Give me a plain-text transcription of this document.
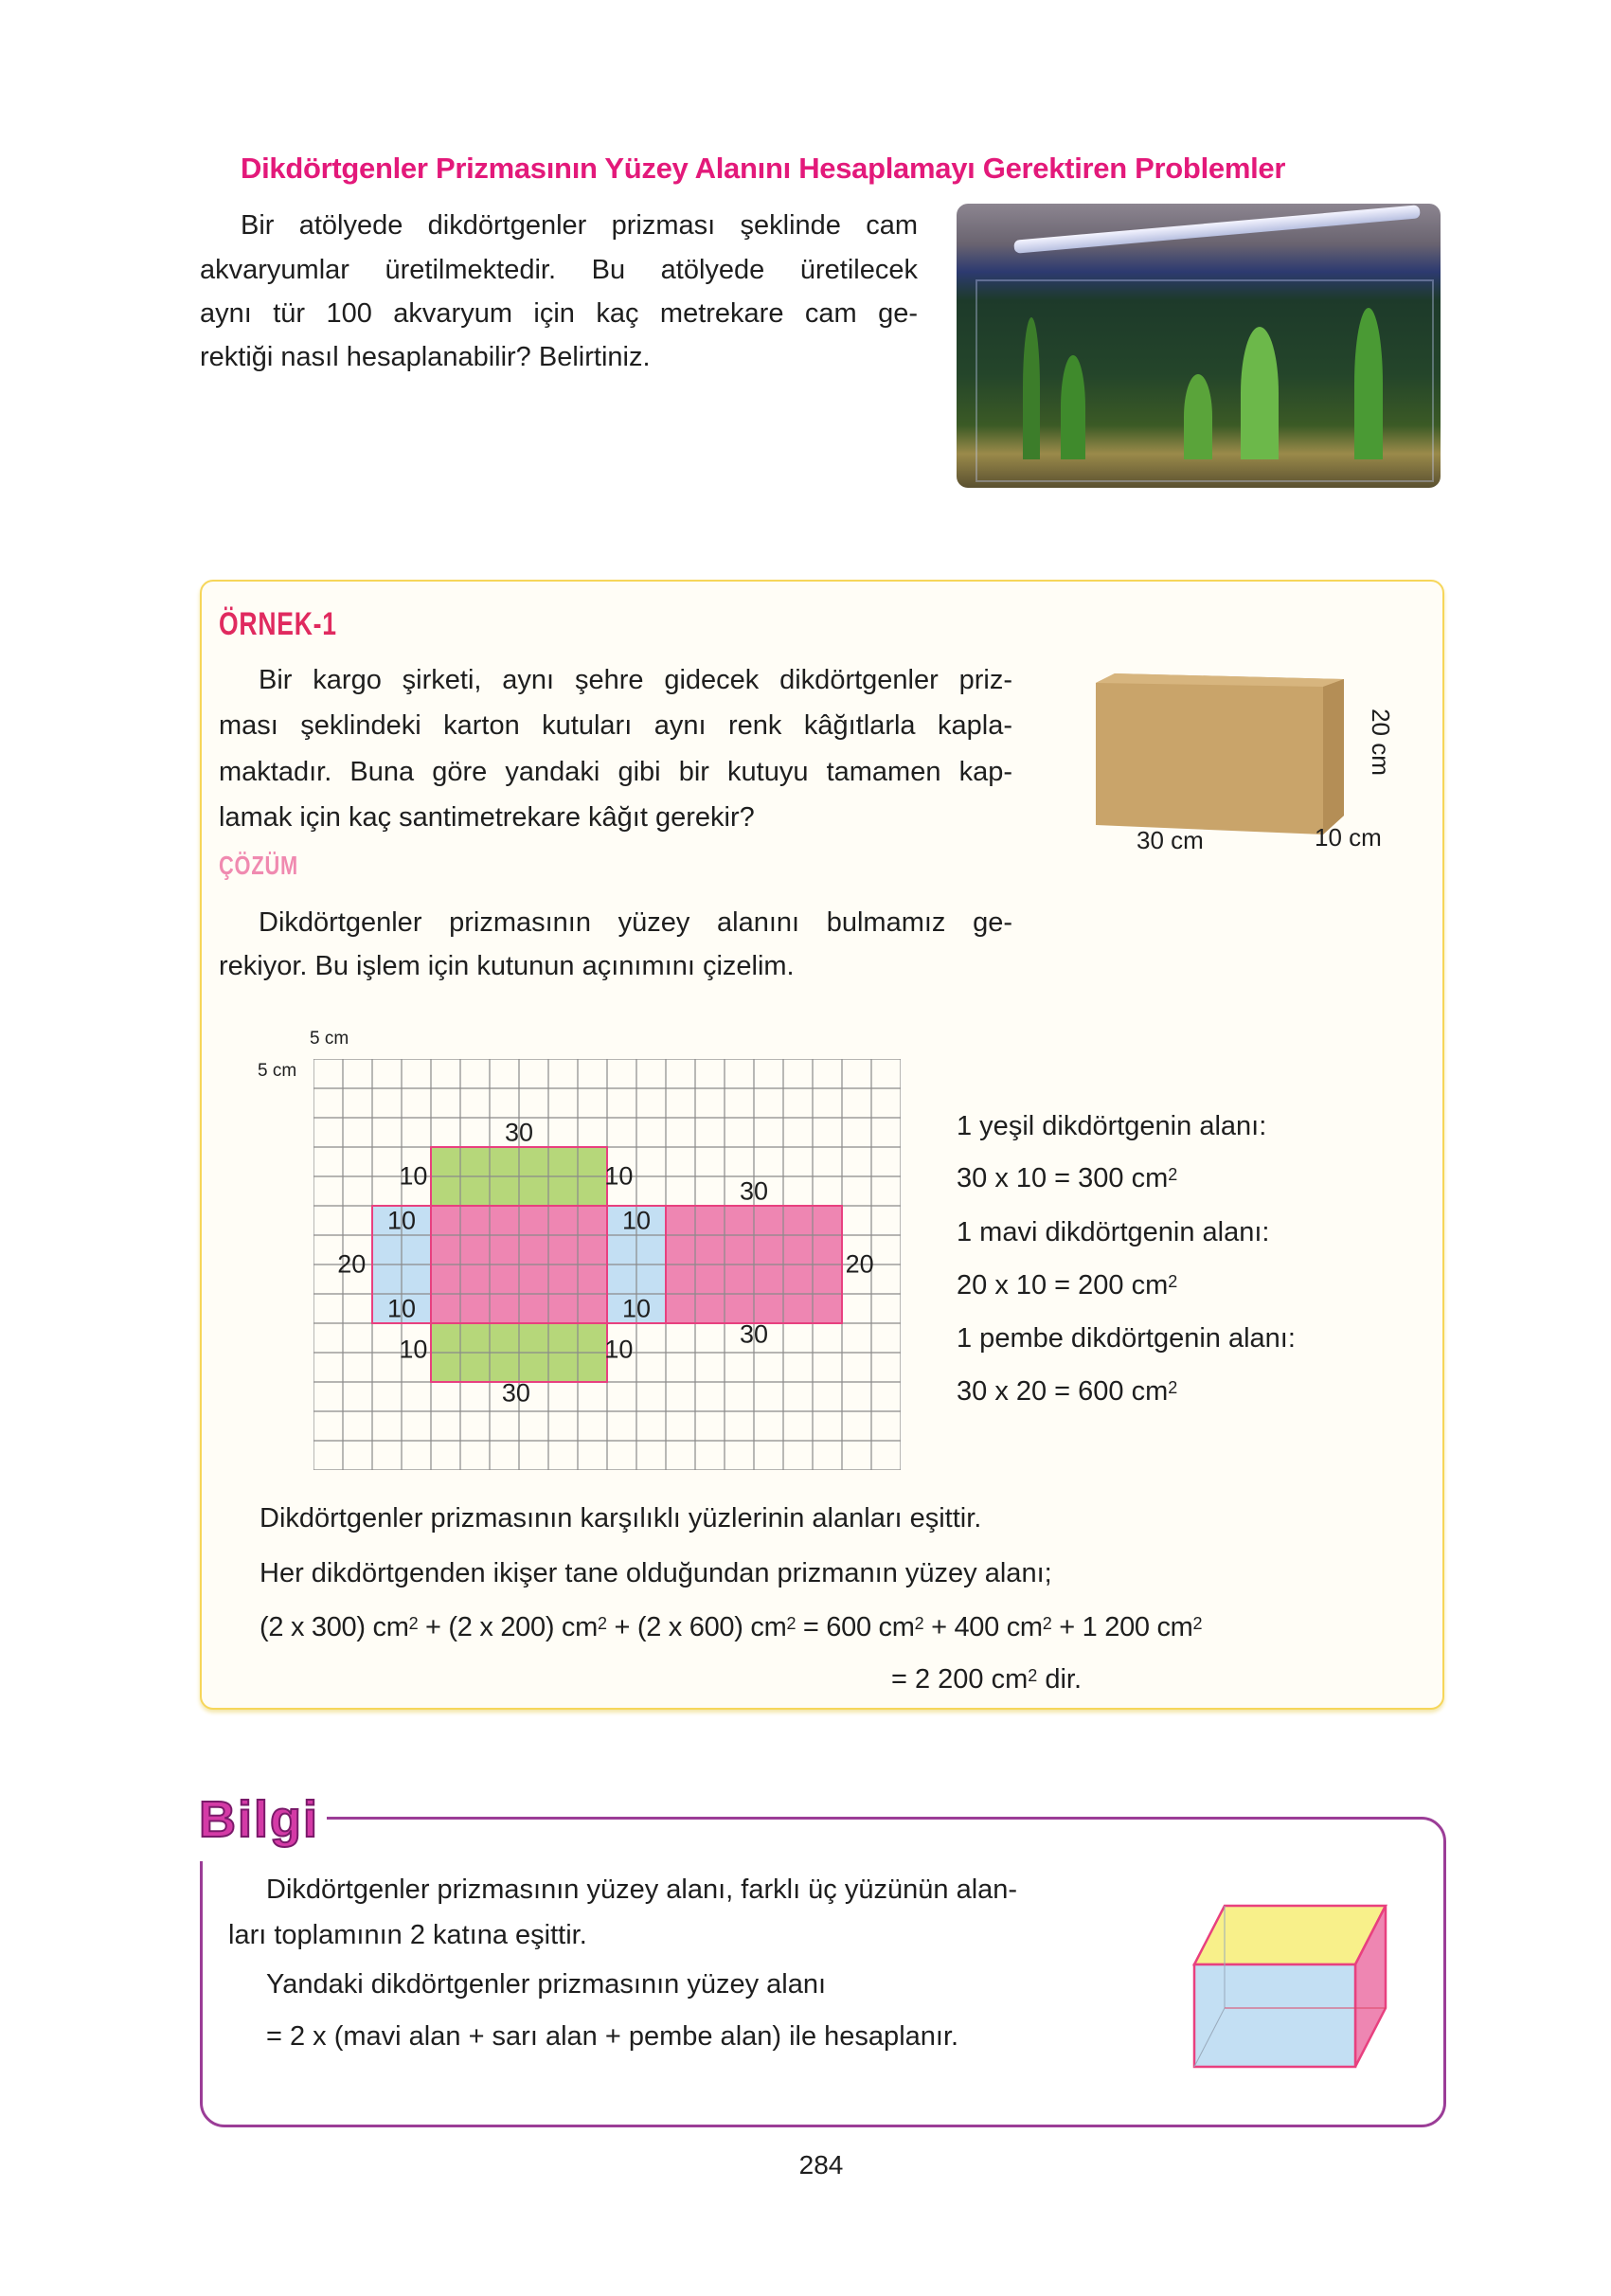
Dikdörtgenler Prizmasının Yüzey Alanını Hesaplamayı Gerektiren Problemler
Bir atölyede dikdörtgenler prizması şeklinde cam
akvaryumlar üretilmektedir. Bu atölyede üretilecek
aynı tür 100 akvaryum için kaç metrekare cam ge-
rektiği nasıl hesaplanabilir? Belirtiniz.
ÖRNEK-1
Bir kargo şirketi, aynı şehre gidecek dikdörtgenler priz-
ması şeklindeki karton kutuları aynı renk kâğıtlarla kapla-
maktadır. Buna göre yandaki gibi bir kutuyu tamamen kap-
lamak için kaç santimetrekare kâğıt gerekir?
20 cm
30 cm	10 cm
ÇÖZÜM
Dikdörtgenler prizmasının yüzey alanını bulmamız ge-
rekiyor. Bu işlem için kutunun açınımını çizelim.
5 cm
5 cm
30
10	10
30
10	10
20	20
10	10
30
10	10
30
1 yeşil dikdörtgenin alanı:
30 x 10 = 300 $cm^2$
1 mavi dikdörtgenin alanı:
20 x 10 = 200 $cm^2$
1 pembe dikdörtgenin alanı:
30 x 20 = 600 $cm^2$
Dikdörtgenler prizmasının karşılıklı yüzlerinin alanları eşittir.
Her dikdörtgenden ikişer tane olduğundan prizmanın yüzey alanı;
(2 x 300) $cm^2 + (2$ x 200) $cm^2 + (2$ x 600) $cm^2 = 600$ $cm^2 + 400$ $cm^2 + 1$ 200 $cm^2$
= 2 200 $cm^2$ dir.
Bilgi
Dikdörtgenler prizmasının yüzey alanı, farklı üç yüzünün alan-
ları toplamının 2 katına eşittir.
Yandaki dikdörtgenler prizmasının yüzey alanı
= 2 x (mavi alan + sarı alan + pembe alan) ile hesaplanır.
284
